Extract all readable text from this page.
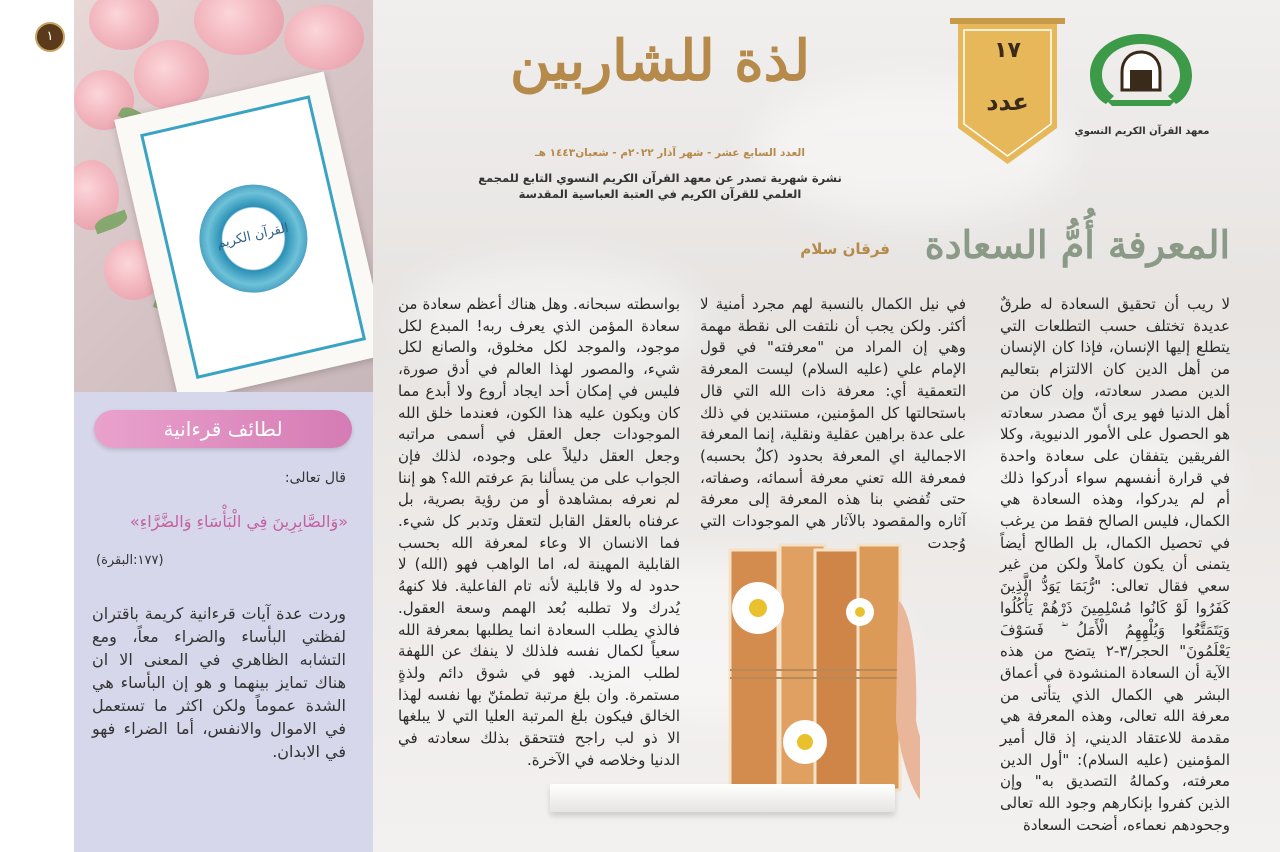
١
القرآن الكريم
لطائف قرءانية
قال تعالى:
«وَالصَّابِرِينَ فِي الْبَأْسَاءِ وَالضَّرَّاءِ»
(١٧٧:البقرة)
وردت عدة آيات قرءانية كريمة باقتران لفظتي البأساء والضراء معاً، ومع التشابه الظاهري في المعنى الا ان هناك تمايز بينهما و هو إن البأساء هي الشدة عموماً ولكن اكثر ما تستعمل في الاموال والانفس، أما الضراء فهو في الابدان.
معهد القرآن الكريم النسوي
١٧
عدد
لذة للشاربين
العدد السابع عشر - شهر آذار ٢٠٢٢م - شعبان١٤٤٣ هـ
نشرة شهرية تصدر عن معهد القرآن الكريم النسوي التابع للمجمع
العلمي للقرآن الكريم في العتبة العباسية المقدسة
المعرفة أُمُّ السعادة
فرقان سلام
لا ريب أن تحقيق السعادة له طرقٌ عديدة تختلف حسب التطلعات التي يتطلع إليها الإنسان، فإذا كان الإنسان من أهل الدين كان الالتزام بتعاليم الدين مصدر سعادته، وإن كان من أهل الدنيا فهو يرى أنّ مصدر سعادته هو الحصول على الأمور الدنيوية، وكلا الفريقين يتفقان على سعادة واحدة في قرارة أنفسهم سواء أدركوا ذلك أم لم يدركوا، وهذه السعادة هي الكمال، فليس الصالح فقط من يرغب في تحصيل الكمال، بل الطالح أيضاً يتمنى أن يكون كاملاً ولكن من غير سعي فقال تعالى: "رُّبَمَا يَوَدُّ الَّذِينَ كَفَرُوا لَوْ كَانُوا مُسْلِمِينَ ذَرْهُمْ يَأْكُلُوا وَيَتَمَتَّعُوا وَيُلْهِهِمُ الْأَمَلُ ۖ فَسَوْفَ يَعْلَمُونَ" الحجر/٣-٢ يتضح من هذه الآية أن السعادة المنشودة في أعماق البشر هي الكمال الذي يتأتى من معرفة الله تعالى، وهذه المعرفة هي مقدمة للاعتقاد الديني، إذ قال أمير المؤمنين (عليه السلام): "أول الدين معرفته، وكمالهُ التصديق به" وإن الذين كفروا بإنكارهم وجود الله تعالى وجحودهم نعماءه، أضحت السعادة
في نيل الكمال بالنسبة لهم مجرد أمنية لا أكثر. ولكن يجب أن نلتفت الى نقطة مهمة وهي إن المراد من "معرفته" في قول الإمام علي (عليه السلام) ليست المعرفة التعمقية أي: معرفة ذات الله التي قال باستحالتها كل المؤمنين، مستندين في ذلك على عدة براهين عقلية ونقلية، إنما المعرفة الاجمالية اي المعرفة بحدود (كلٌ بحسبه) فمعرفة الله تعني معرفة أسمائه، وصفاته، حتى تُفضي بنا هذه المعرفة إلى معرفة آثاره والمقصود بالآثار هي الموجودات التي وُجدت
بواسطته سبحانه. وهل هناك أعظم سعادة من سعادة المؤمن الذي يعرف ربه! المبدع لكل موجود، والموجد لكل مخلوق، والصانع لكل شيء، والمصور لهذا العالم في أدق صورة، فليس في إمكان أحد ايجاد أروع ولا أبدع مما كان ويكون عليه هذا الكون، فعندما خلق الله الموجودات جعل العقل في أسمى مراتبه وجعل العقل دليلاً على وجوده، لذلك فإن الجواب على من يسألنا بمَ عرفتم الله؟ هو إننا لم نعرفه بمشاهدة أو من رؤية بصرية، بل عرفناه بالعقل القابل لتعقل وتدبر كل شيء. فما الانسان الا وعاء لمعرفة الله بحسب القابلية المهينة له، اما الواهب فهو (الله) لا حدود له ولا قابلية لأنه تام الفاعلية. فلا كنههُ يُدرك ولا تطلبه بُعد الهمم وسعة العقول. فالذي يطلب السعادة انما يطلبها بمعرفة الله سعياً لكمال نفسه فلذلك لا ينفك عن اللهفة لطلب المزيد. فهو في شوق دائم ولذةٍ مستمرة. وان بلغ مرتبة تطمئنّ بها نفسه لهذا الخالق فيكون بلغ المرتبة العليا التي لا يبلغها الا ذو لب راجح فتتحقق بذلك سعادته في الدنيا وخلاصه في الآخرة.
